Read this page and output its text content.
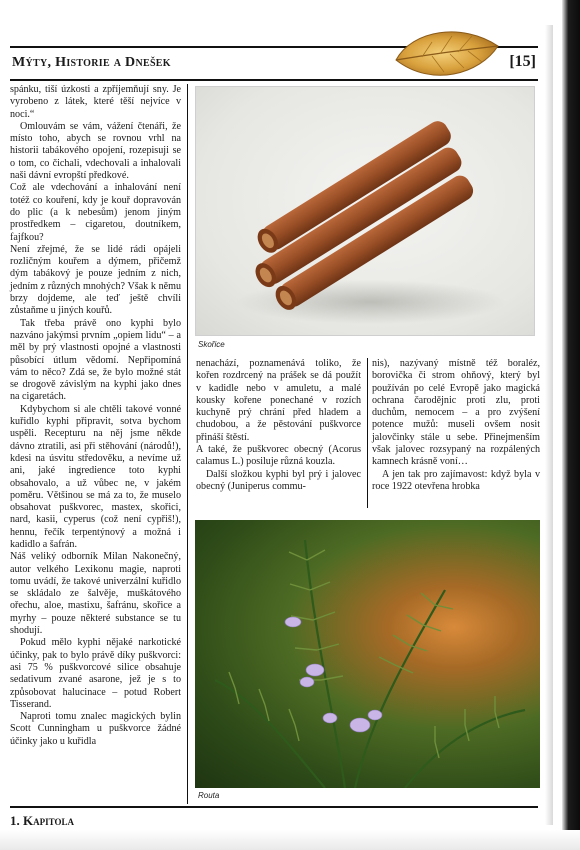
Mýty, Historie a Dnešek	[15]

spánku, tiší úzkosti a zpříjemňují sny. Je vyrobeno z látek, které těší nejvíce v noci.“

Omlouvám se vám, vážení čtenáři, že místo toho, abych se rovnou vrhl na historii tabákového opojení, rozepisuji se o tom, co čichali, vdechovali a inhalovali naši dávní evropští předkové.

Což ale vdechování a inhalování není totéž co kouření, kdy je kouř dopravován do plic (a k nebesům) jenom jiným prostředkem – cigaretou, doutníkem, fajfkou?

Není zřejmé, že se lidé rádi opájeli rozličným kouřem a dýmem, přičemž dým tabákový je pouze jedním z nich, jedním z různých mnohých? Však k němu brzy dojdeme, ale teď ještě chvíli zůstaňme u jiných kouřů.

Tak třeba právě ono kyphi bylo nazváno jakýmsi prvním „opiem lidu“ – a měl by prý vlastnosti opojné a vlastnosti působící útlum vědomí. Nepřipomíná vám to něco? Zdá se, že bylo možné stát se drogově závislým na kyphi jako dnes na cigaretách.

Kdybychom si ale chtěli takové vonné kuřidlo kyphi připravit, sotva bychom uspěli. Recepturu na něj jsme někde dávno ztratili, asi při stěhování (národů!), kdesi na úsvitu středověku, a nevíme už ani, jaké ingredience toto kyphi obsahovalo, a už vůbec ne, v jakém poměru. Většinou se má za to, že muselo obsahovat puškvorec, mastex, skořici, nard, kasii, cyperus (což není cypřiš!), hennu, řečík terpentýnový a možná i kadidlo a šafrán.

Náš veliký odborník Milan Nakonečný, autor velkého Lexikonu magie, naproti tomu uvádí, že takové univerzální kuřidlo se skládalo ze šalvěje, muškátového ořechu, aloe, mastixu, šafránu, skořice a myrhy – pouze některé substance se tu shodují.

Pokud mělo kyphi nějaké narkotické účinky, pak to bylo právě díky puškvorci: asi 75 % puškvorcové silice obsahuje sedativum zvané asarone, jež je s to způsobovat halucinace – potud Robert Tisserand.

Naproti tomu znalec magických bylin Scott Cunningham u puškvorce žádné účinky jako u kuřidla

Skořice

nenachází, poznamenává toliko, že kořen rozdrcený na prášek se dá použít v kadidle nebo v amuletu, a malé kousky kořene ponechané v rozích kuchyně prý chrání před hladem a chudobou, a že pěstování puškvorce přináší štěstí.

A také, že puškvorec obecný (Acorus calamus L.) posiluje různá kouzla.

Další složkou kyphi byl prý i jalovec obecný (Juniperus commu-

nis), nazývaný místně též boraléz, borovička či strom ohňový, který byl používán po celé Evropě jako magická ochrana čarodějnic proti zlu, proti duchům, nemocem – a pro zvýšení potence mužů: museli ovšem nosit jalovčinky stále u sebe. Přinejmenším však jalovec rozsypaný na rozpálených kamnech krásně voní…

A jen tak pro zajímavost: když byla v roce 1922 otevřena hrobka

Routa
1. Kapitola
